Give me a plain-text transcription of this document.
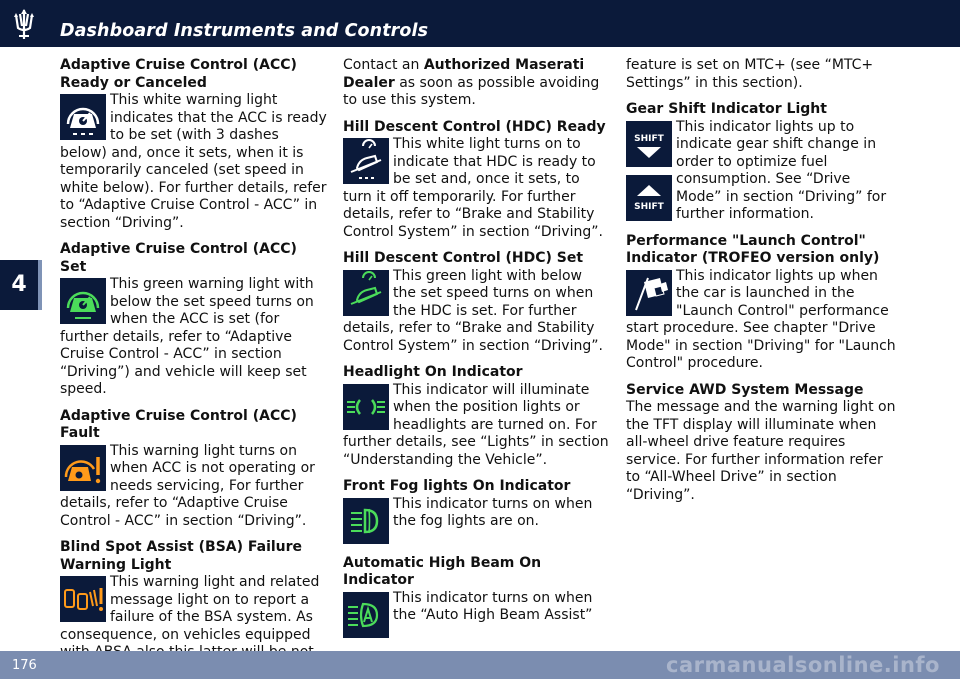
Dashboard Instruments and Controls
4
Adaptive Cruise Control (ACC) Ready or Canceled

This white warning light indicates that the ACC is ready to be set (with 3 dashes below) and, once it sets, when it is temporarily canceled (set speed in white below). For further details, refer to “Adaptive Cruise Control - ACC” in section “Driving”.

Adaptive Cruise Control (ACC) Set

This green warning light with below the set speed turns on when the ACC is set (for further details, refer to “Adaptive Cruise Control - ACC” in section “Driving”) and vehicle will keep set speed.

Adaptive Cruise Control (ACC) Fault

This warning light turns on when ACC is not operating or needs servicing, For further details, refer to “Adaptive Cruise Control - ACC” in section “Driving”.

Blind Spot Assist (BSA) Failure Warning Light

This warning light and related message light on to report a failure of the BSA system. As consequence, on vehicles equipped

Contact an Authorized Maserati Dealer as soon as possible avoiding to use this system.
Hill Descent Control (HDC) Ready

This white light turns on to indicate that HDC is ready to be set and, once it sets, to turn it off temporarily. For further details, refer to “Brake and Stability Control System” in section “Driving”.

Hill Descent Control (HDC) Set

This green light with below the set speed turns on when the HDC is set. For further details, refer to “Brake and Stability Control System” in section “Driving”.

Headlight On Indicator

This indicator will illuminate when the position lights or headlights are turned on. For further details, see “Lights” in section “Understanding the Vehicle”.

Front Fog lights On Indicator

This indicator turns on when the fog lights are on.

Automatic High Beam On Indicator

This indicator turns on when the “Auto High Beam Assist”

feature is set on MTC+ (see “MTC+ Settings” in this section).
Gear Shift Indicator Light
SHIFT
SHIFT

This indicator lights up to indicate gear shift change in order to optimize fuel consumption. See “Drive Mode” in section “Driving” for further information.

Performance "Launch Control" Indicator (TROFEO version only)

This indicator lights up when the car is launched in the "Launch Control" performance start procedure. See chapter "Drive Mode" in section "Driving" for "Launch Control" procedure.

Service AWD System Message

The message and the warning light on the TFT display will illuminate when all-wheel drive feature requires service. For further information refer to “All-Wheel Drive” in section “Driving”.

176	carmanualsonline.info
